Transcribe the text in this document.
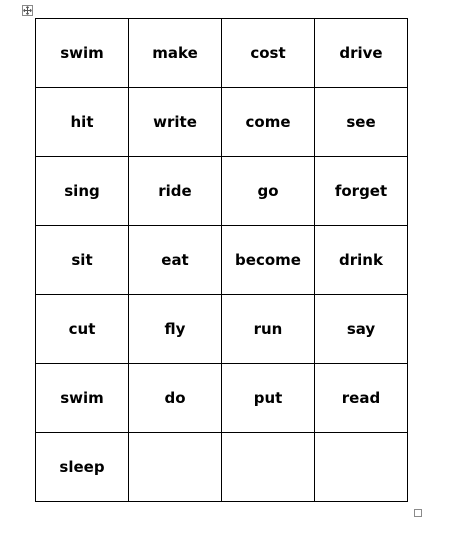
swim	make	cost	drive
hit	write	come	see
sing	ride	go	forget
sit	eat	become	drink
cut	fly	run	say
swim	do	put	read
sleep			
